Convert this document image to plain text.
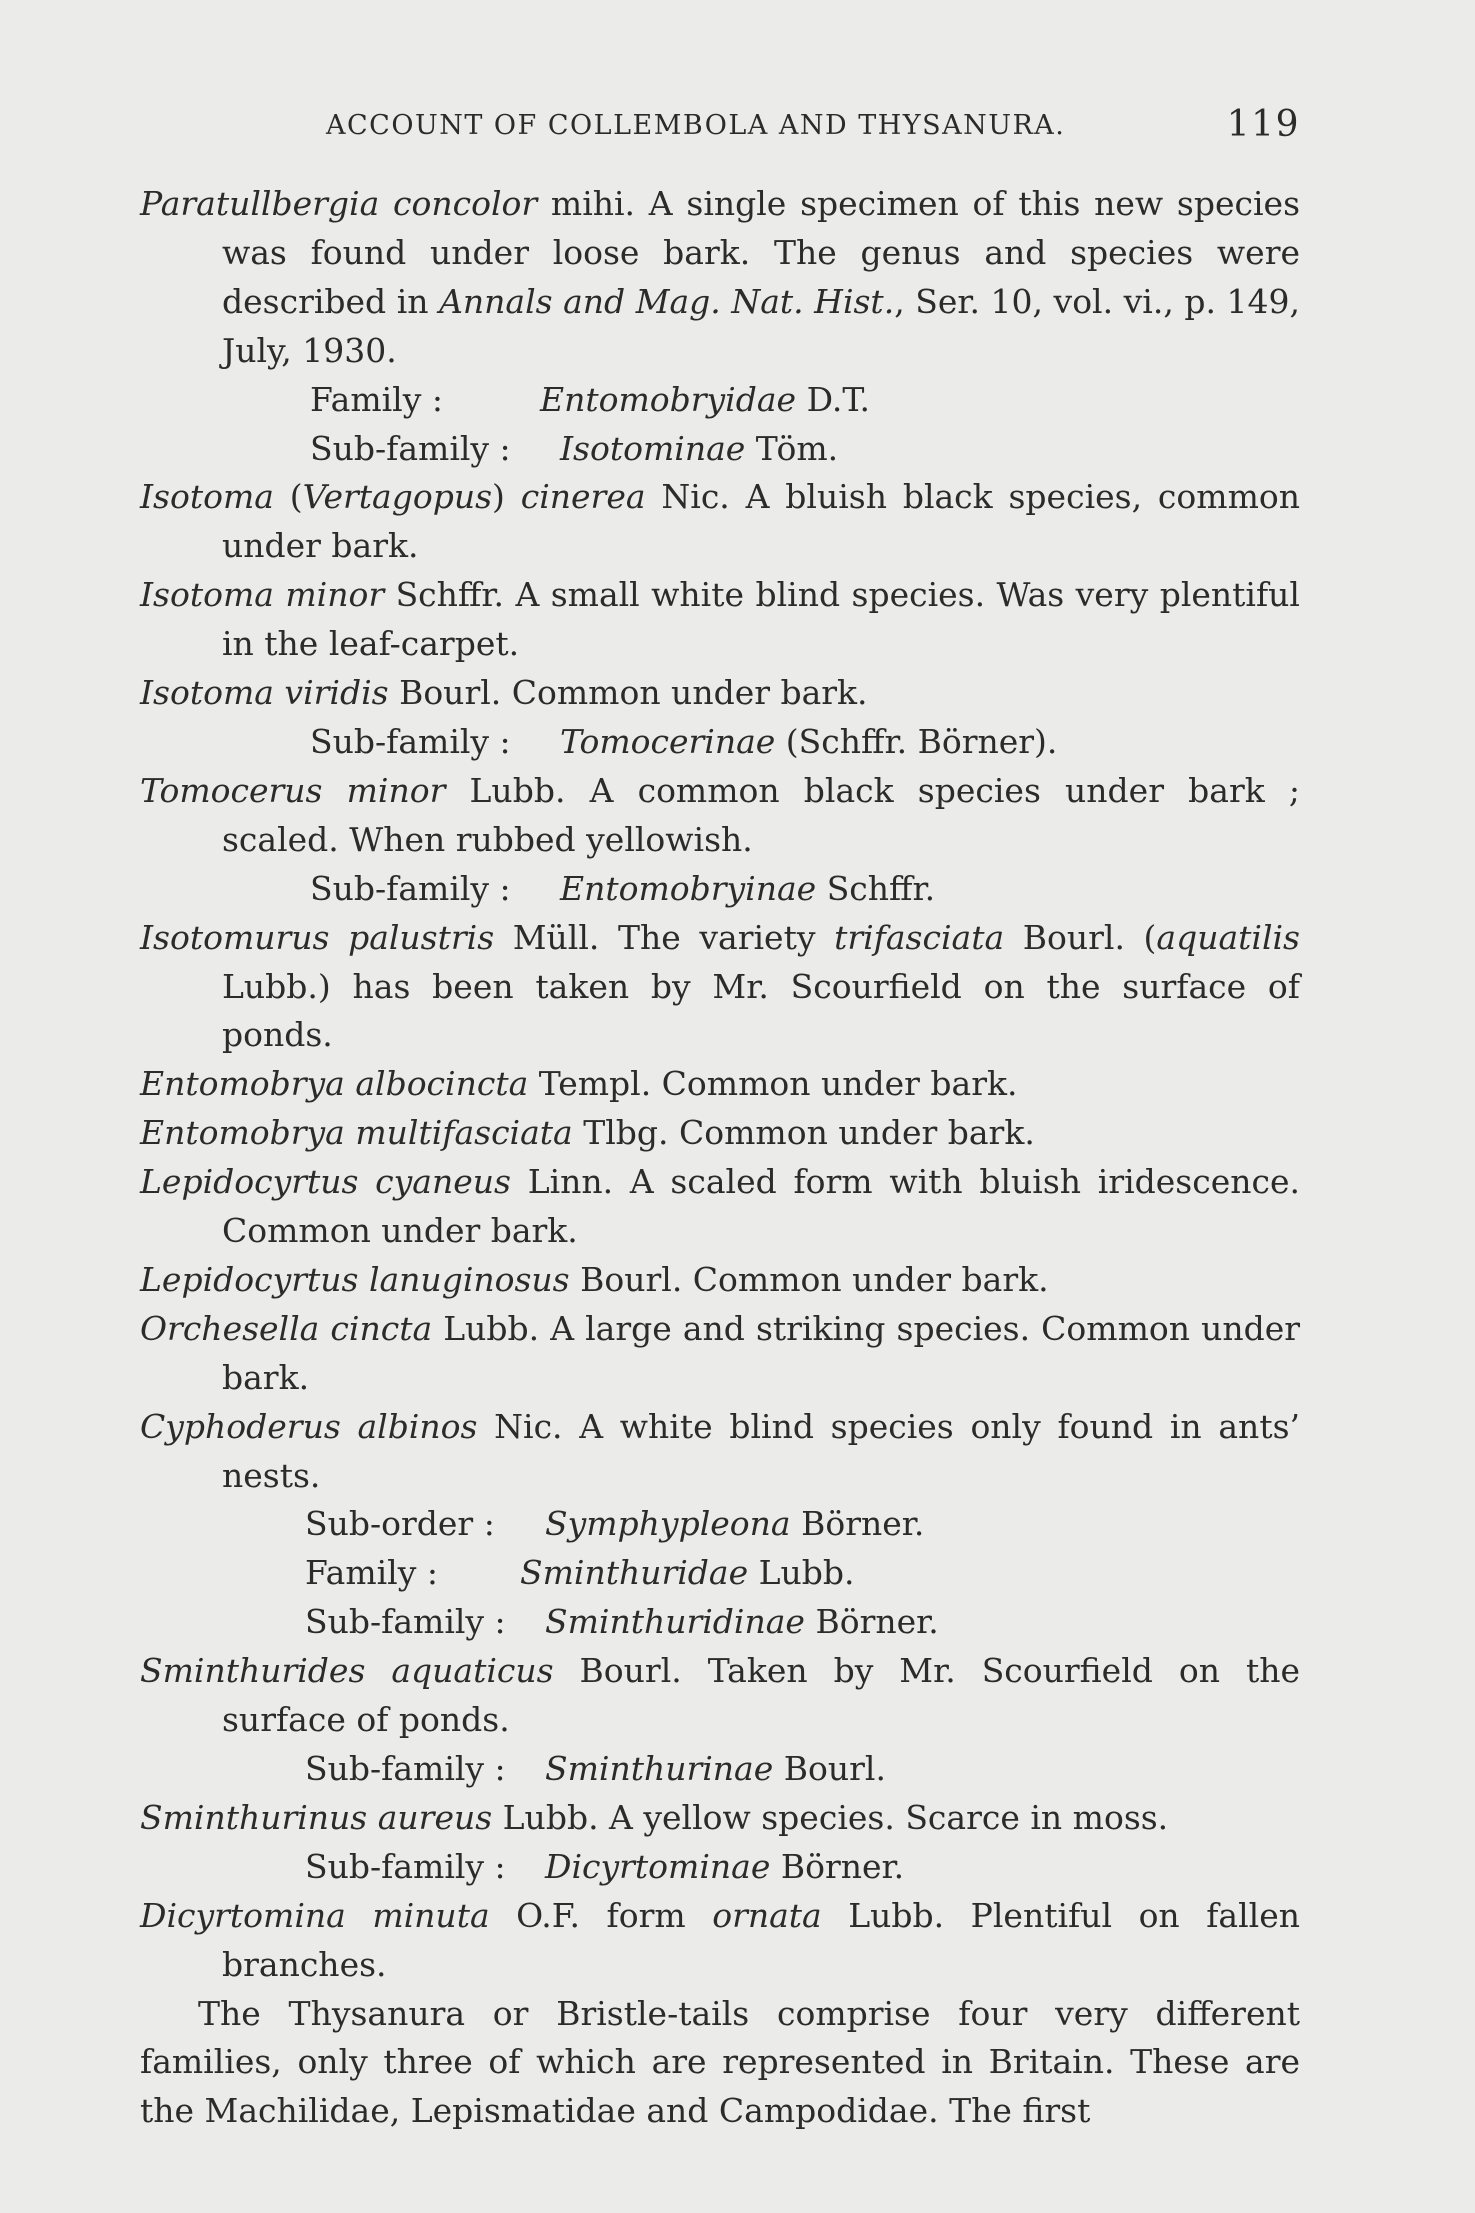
ACCOUNT OF COLLEMBOLA AND THYSANURA.	119

Paratullbergia concolor mihi. A single specimen of this new species was found under loose bark. The genus and species were described in Annals and Mag. Nat. Hist., Ser. 10, vol. vi., p. 149, July, 1930.

Family :	Entomobryidae D.T.

Sub-family : Isotominae Töm.

Isotoma (Vertagopus) cinerea Nic. A bluish black species, common under bark.

Isotoma minor Schffr. A small white blind species. Was very plentiful in the leaf-carpet.

Isotoma viridis Bourl. Common under bark.

Sub-family : Tomocerinae (Schffr. Börner).

Tomocerus minor Lubb. A common black species under bark ; scaled. When rubbed yellowish.

Sub-family : Entomobryinae Schffr.

Isotomurus palustris Müll. The variety trifasciata Bourl. (aquatilis Lubb.) has been taken by Mr. Scourfield on the surface of ponds.

Entomobrya albocincta Templ. Common under bark.

Entomobrya multifasciata Tlbg. Common under bark.

Lepidocyrtus cyaneus Linn. A scaled form with bluish iridescence. Common under bark.

Lepidocyrtus lanuginosus Bourl. Common under bark.

Orchesella cincta Lubb. A large and striking species. Common under bark.

Cyphoderus albinos Nic. A white blind species only found in ants’ nests.

Sub-order : Symphypleona Börner.

Family : Sminthuridae Lubb.

Sub-family : Sminthuridinae Börner.

Sminthurides aquaticus Bourl. Taken by Mr. Scourfield on the surface of ponds.

Sub-family : Sminthurinae Bourl.

Sminthurinus aureus Lubb. A yellow species. Scarce in moss.

Sub-family : Dicyrtominae Börner.

Dicyrtomina minuta O.F. form ornata Lubb. Plentiful on fallen branches.

The Thysanura or Bristle-tails comprise four very different families, only three of which are represented in Britain. These are the Machilidae, Lepismatidae and Campodidae. The first
